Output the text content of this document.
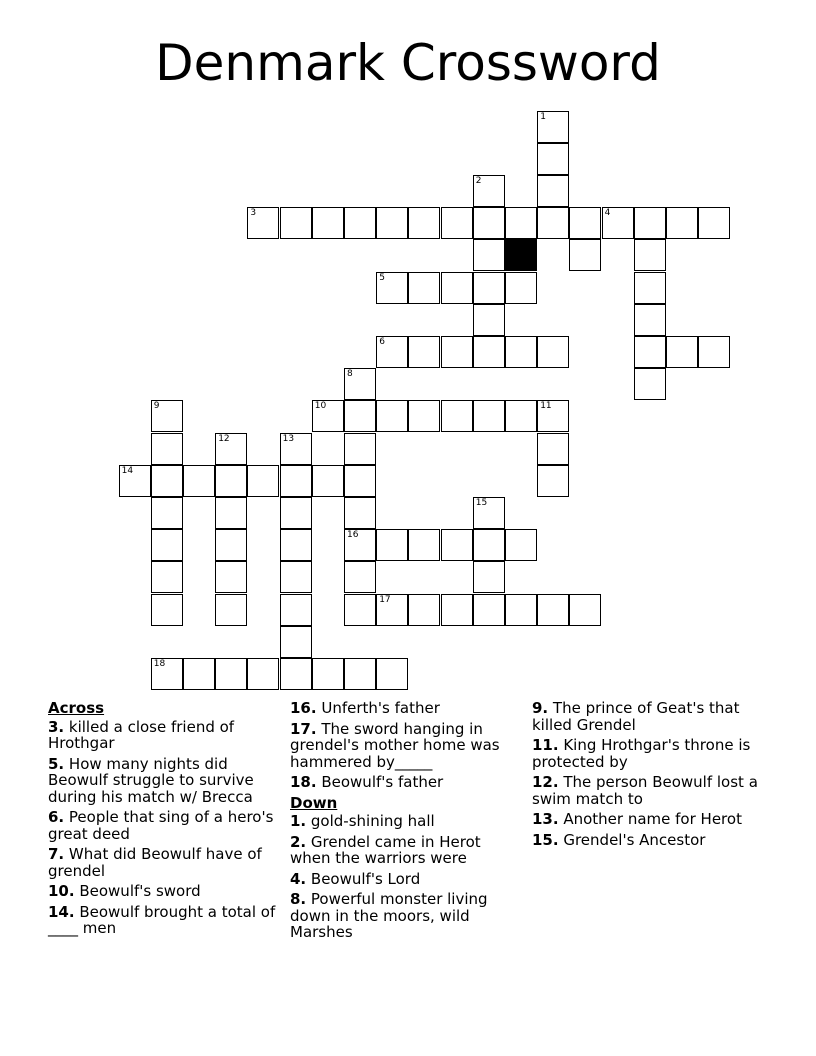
Denmark Crossword
1
2
3	4
5
6
8
16
10	11
9
14
12	13
15
17
18
Across
3. killed a close friend of Hrothgar
5. How many nights did Beowulf struggle to survive during his match w/ Brecca
6. People that sing of a hero's great deed
7. What did Beowulf have of grendel
10. Beowulf's sword
14. Beowulf brought a total of ____ men
16. Unferth's father
17. The sword hanging in grendel's mother home was hammered by_____
18. Beowulf's father
Down
1. gold-shining hall
2. Grendel came in Herot when the warriors were
4. Beowulf's Lord
8. Powerful monster living down in the moors, wild Marshes
9. The prince of Geat's that killed Grendel
11. King Hrothgar's throne is protected by
12. The person Beowulf lost a swim match to
13. Another name for Herot
15. Grendel's Ancestor
